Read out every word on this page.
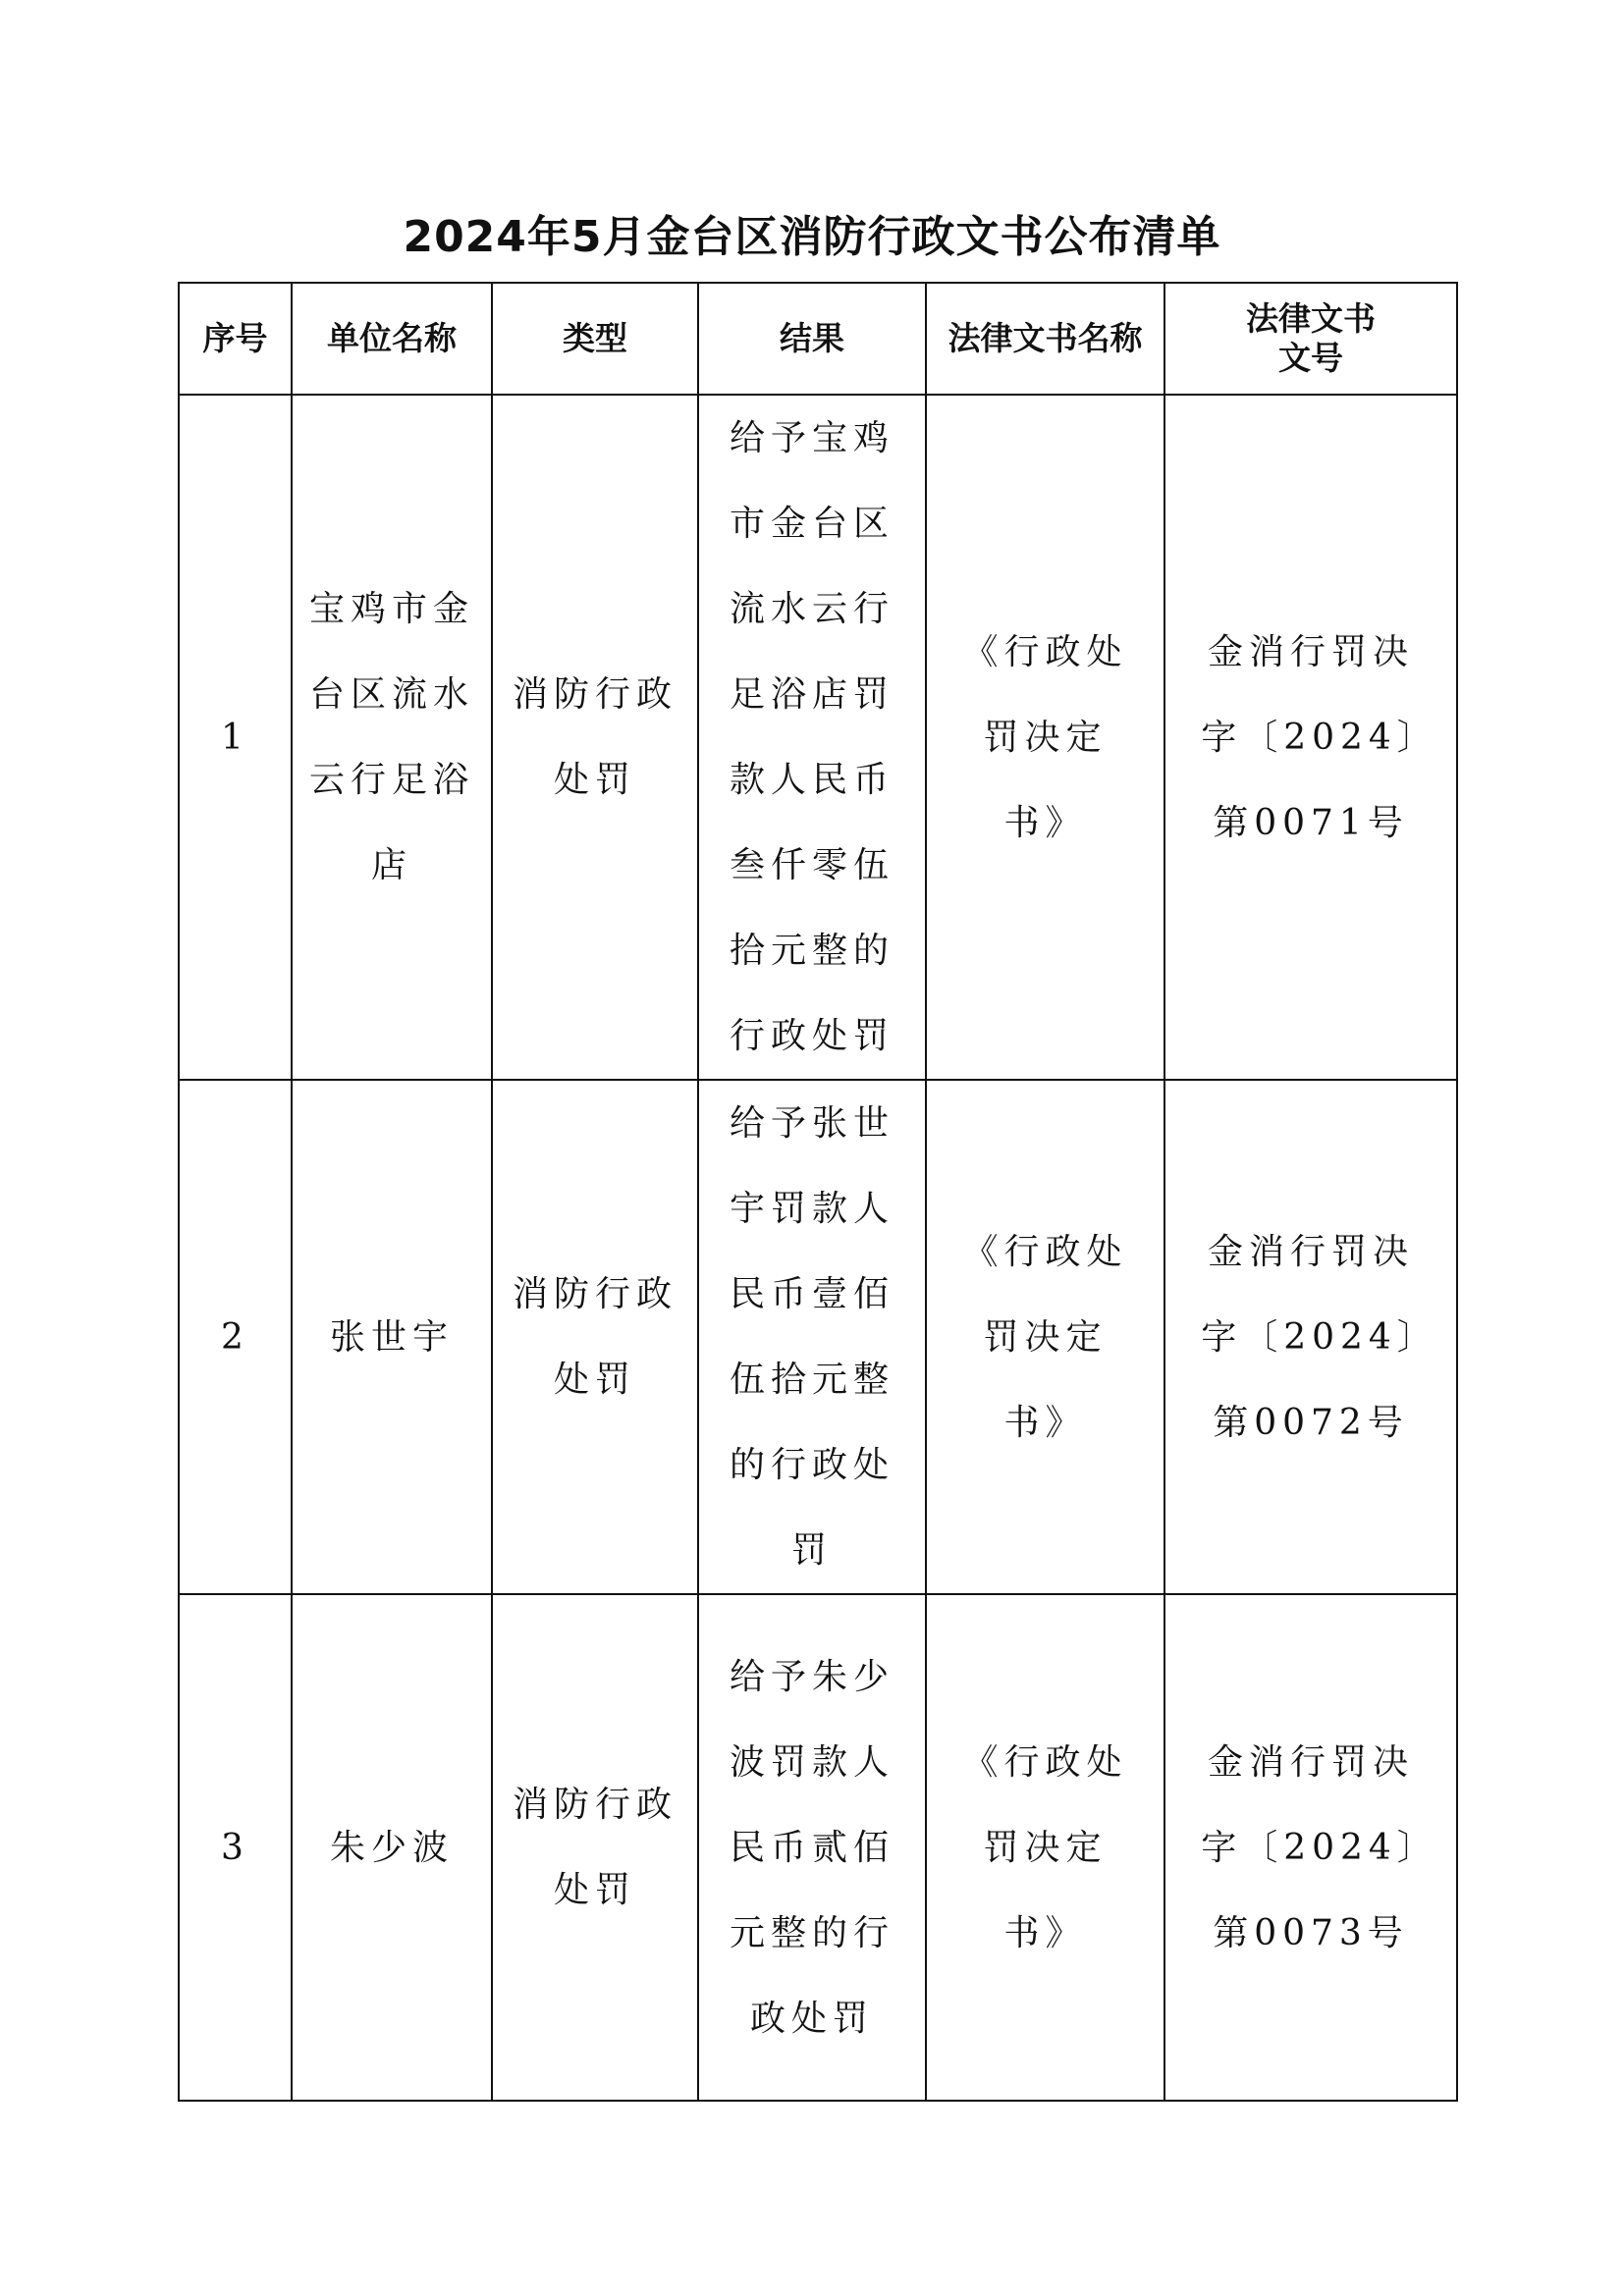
2024年5月金台区消防行政文书公布清单
序号	单位名称	类型	结果	法律文书名称	法律文书文号
1	宝鸡市金台区流水云行足浴店	消防行政处罚	给予宝鸡市金台区流水云行足浴店罚款人民币叁仟零伍拾元整的行政处罚	《行政处罚决定书》	金消行罚决字〔2024〕第0071号
2	张世宇	消防行政处罚	给予张世宇罚款人民币壹佰伍拾元整的行政处罚	《行政处罚决定书》	金消行罚决字〔2024〕第0072号
3	朱少波	消防行政处罚	给予朱少波罚款人民币贰佰元整的行政处罚	《行政处罚决定书》	金消行罚决字〔2024〕第0073号
